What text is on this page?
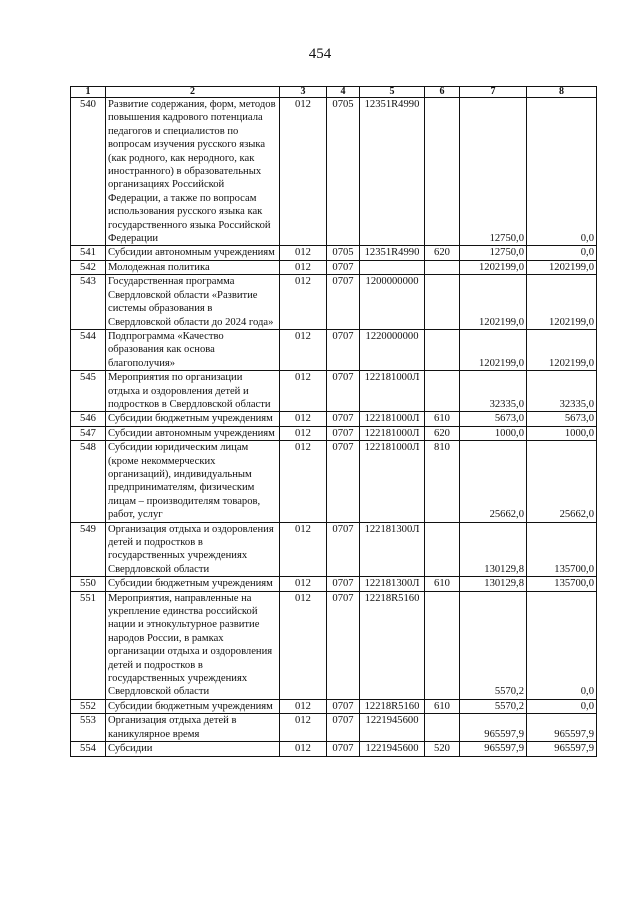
454
1	2	3	4	5	6	7	8
540	Развитие содержания, форм, методов повышения кадрового потенциала педагогов и специалистов по вопросам изучения русского языка (как родного, как неродного, как иностранного) в образовательных организациях Российской Федерации, а также по вопросам использования русского языка как государственного языка Российской Федерации	012	0705	12351R4990		12750,0	0,0
541	Субсидии автономным учреждениям	012	0705	12351R4990	620	12750,0	0,0
542	Молодежная политика	012	0707			1202199,0	1202199,0
543	Государственная программа Свердловской области «Развитие системы образования в Свердловской области до 2024 года»	012	0707	1200000000		1202199,0	1202199,0
544	Подпрограмма «Качество образования как основа благополучия»	012	0707	1220000000		1202199,0	1202199,0
545	Мероприятия по организации отдыха и оздоровления детей и подростков в Свердловской области	012	0707	122181000Л		32335,0	32335,0
546	Субсидии бюджетным учреждениям	012	0707	122181000Л	610	5673,0	5673,0
547	Субсидии автономным учреждениям	012	0707	122181000Л	620	1000,0	1000,0
548	Субсидии юридическим лицам (кроме некоммерческих организаций), индивидуальным предпринимателям, физическим лицам – производителям товаров, работ, услуг	012	0707	122181000Л	810	25662,0	25662,0
549	Организация отдыха и оздоровления детей и подростков в государственных учреждениях Свердловской области	012	0707	122181300Л		130129,8	135700,0
550	Субсидии бюджетным учреждениям	012	0707	122181300Л	610	130129,8	135700,0
551	Мероприятия, направленные на укрепление единства российской нации и этнокультурное развитие народов России, в рамках организации отдыха и оздоровления детей и подростков в государственных учреждениях Свердловской области	012	0707	12218R5160		5570,2	0,0
552	Субсидии бюджетным учреждениям	012	0707	12218R5160	610	5570,2	0,0
553	Организация отдыха детей в каникулярное время	012	0707	1221945600		965597,9	965597,9
554	Субсидии	012	0707	1221945600	520	965597,9	965597,9
